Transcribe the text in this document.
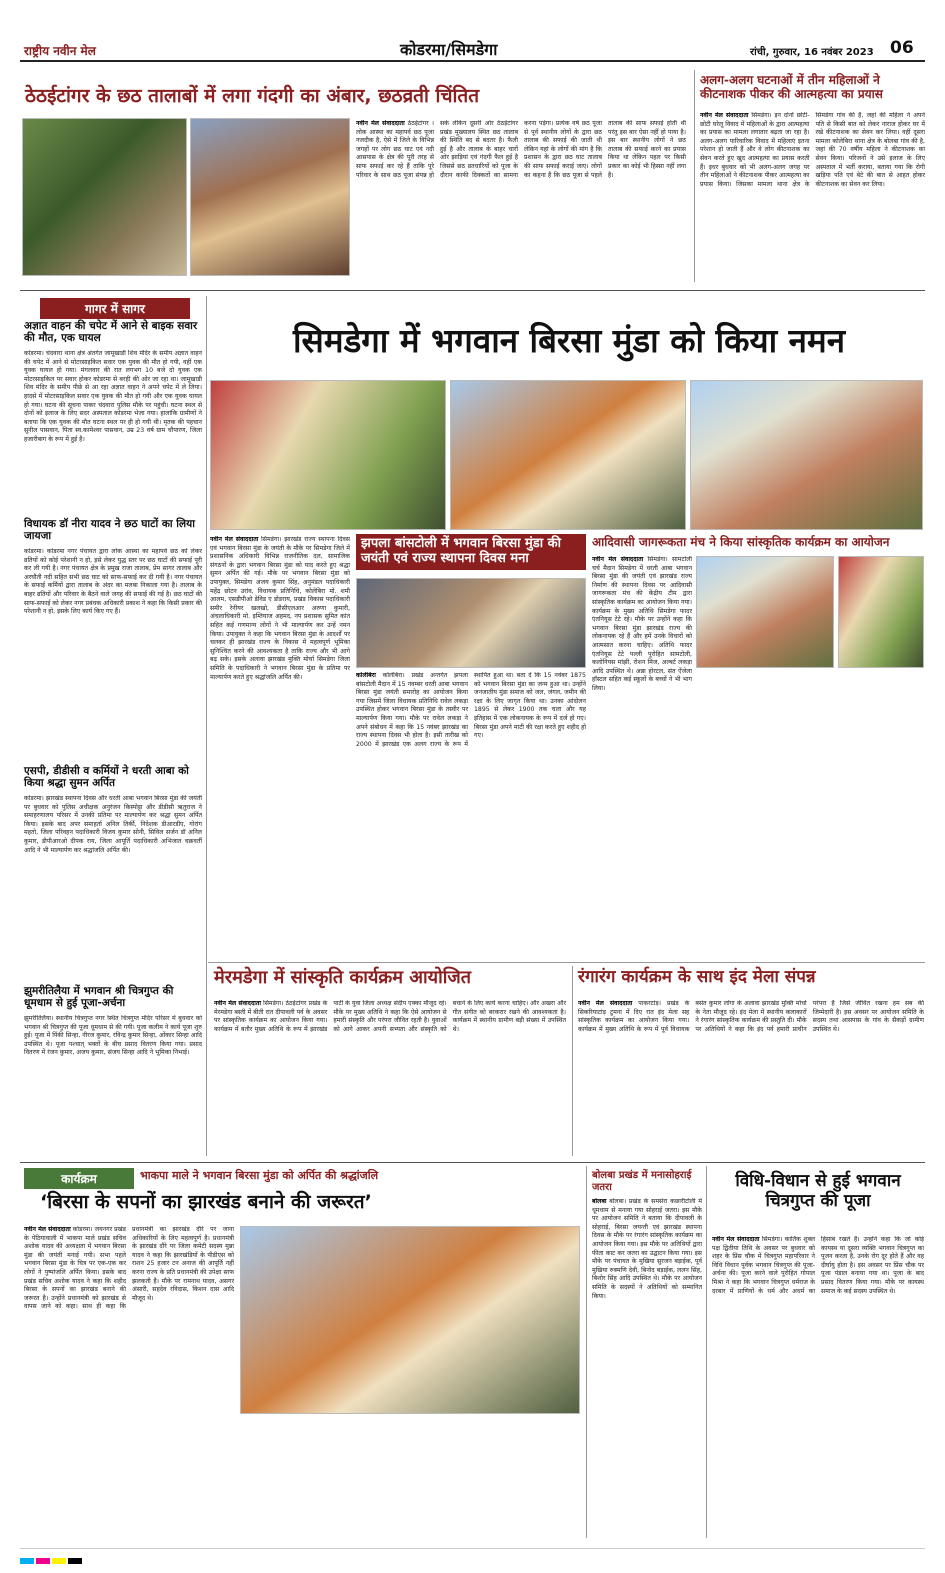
राष्ट्रीय नवीन मेल	कोडरमा/सिमडेगा	रांची, गुरुवार, 16 नवंबर 2023 06
ठेठईटांगर के छठ तालाबों में लगा गंदगी का अंबार, छठव्रती चिंतित
नवीन मेल संवाददाता ठेठईटांगर । लोक आस्था का महापर्व छठ पूजा नजदीक है, ऐसे में जिले के विभिन्न जगहों पर लोग छठ घाट एवं नदी आसपास के क्षेत्र की पूरी तरह से साफ सफाई कर रहे हैं ताकि पूरे परिवार के साथ छठ पूजा संपन्न हो सके लेकिन दूसरी ओर ठेठईटांगर प्रखंड मुख्यालय स्थित छठ तालाब की स्थिति बद से बदतर है। फैली हुई है और तालाब के बाहर चारों ओर झाड़ियां एवं गंदगी फैल हुई है जिससे छठ व्रतधारियों को पूजा के दौरान काफी दिक्कतों का सामना करना पड़ेगा। प्रत्येक वर्ष छठ पूजा से पूर्व स्थानीय लोगों के द्वारा छठ तालाब की सफाई की जाती थी लेकिन यहां के लोगों की मांग है कि प्रशासन के द्वारा छठ घाट तालाब की साफ सफाई कराई जाए। लोगों का कहना है कि छठ पूजा से पहले तालाब की साफ सफाई होती थी परंतु इस बार ऐसा नहीं हो पाया है। इस बार स्थानीय लोगों ने छठ तालाब की सफाई करने का प्रयास किया था लेकिन पहल पर किसी प्रकार का कोई भी हिस्सा नहीं लगा है।
अलग-अलग घटनाओं में तीन महिलाओं ने कीटनाशक पीकर की आत्महत्या का प्रयास
नवीन मेल संवाददाता सिमडेगा। इन दोनों छोटी-छोटी घरेलू विवाद में महिलाओं के द्वारा आत्महत्या का प्रयास का मामला लगातार बढ़ता जा रहा है। अलग-अलग पारिवारिक विवाद में महिलाएं इतना परेशान हो जाती हैं और वे लोग कीटनाशक का सेवन करते हुए खुद आत्महत्या का प्रयास करती हैं। इधर बुधवार को भी अलग-अलग जगह पर तीन महिलाओं ने कीटनाशक पीकर आत्महत्या का प्रयास किया। जिसका मामला थाना क्षेत्र के सिमडेगा गांव की है, जहां की महिला ने अपने पति से किसी बात को लेकर नाराज होकर घर में रखे कीटनाशक का सेवन कर लिया। वहीं दूसरा मामला कोलेबिरा थाना क्षेत्र के बोलबा गांव की है, जहां की 70 वर्षीय महिला ने कीटनाशक का सेवन किया। परिजनों ने उसे इलाज के लिए अस्पताल में भर्ती कराया, बताया गया कि रोगी खड़िया पति एवं बेटे की बात से आहत होकर कीटनाशक का सेवन कर लिया।
गागर में सागर
अज्ञात वाहन की चपेट में आने से बाइक सवार की मौत, एक घायल
कोडरमा। चंदवारा थाना क्षेत्र अंतर्गत जामूखाडी शिव मंदिर के समीप अज्ञात वाहन की चपेट में आने से मोटरसाइकिल सवार एक युवक की मौत हो गयी, वहीं एक युवक घायल हो गया। मंगलवार की रात लगभग 10 बजे दो युवक एक मोटरसाइकिल पर सवार होकर कोडरमा से बरही की ओर जा रहा था। जामूखाडी शिव मंदिर के समीप पीछे से आ रहा अज्ञात वाहन ने अपने चपेट में ले लिया। हादसे में मोटरसाइकिल सवार एक युवक की मौत हो गयी और एक युवक घायल हो गया। घटना की सूचना पाकर चंदवारा पुलिस मौके पर पहुंची। घटना स्थल से दोनों को इलाज के लिए सदर अस्पताल कोडरमा भेजा गया। हालांकि ग्रामीणों ने बताया कि एक युवक की मौत घटना स्थल पर ही हो गयी थी। मृतक की पहचान सुनील पासवान, पिता स्व.कामेश्वर पासवान, उम्र 23 वर्ष ग्राम चौपारण, जिला हजारीबाग के रूप में हुई है।
विधायक डॉ नीरा यादव ने छठ घाटों का लिया जायजा
कोडरमा। कोडरमा नगर पंचायत द्वारा लोक आस्था का महापर्व छठ को लेकर व्रतियों को कोई परेशानी न हो, इसे लेकर युद्ध स्तर पर छठ घाटों की सफाई पूरी कर ली गयी है। नगर पंचायत क्षेत्र के प्रमुख राजा तालाब, प्रेम सागर तालाब और अरघौती नदी सहित सभी छठ घाट को साफ-सफाई कर दी गयी है। नगर पंचायत के सफाई कर्मियों द्वारा तालाब के अंदर का मलबा निकाला गया है। तालाब के बाहर व्रतियों और परिवार के बैठने वाले जगह की सफाई की गई है। छठ घाटों की साफ-सफाई को लेकर नगर प्रबंधक अधिकारी प्रकाश ने कहा कि किसी प्रकार की परेशानी न हो, इसके लिए कार्य किए गए हैं।
एसपी, डीडीसी व कर्मियों ने धरती आबा को किया श्रद्धा सुमन अर्पित
कोडरमा। झारखंड स्थापना दिवस और धरती आबा भगवान बिरसा मुंडा की जयंती पर बुधवार को पुलिस अधीक्षक अनुरंजन किस्पोट्टा और डीडीसी ऋतुराज ने समाहरणालय परिसर में उनकी प्रतिमा पर माल्यार्पण कर श्रद्धा सुमन अर्पित किया। इसके बाद अपर समाहर्ता अनिल तिर्की, निदेशक डीआरडीए, गोरांग महतो, जिला परिवहन पदाधिकारी विजय कुमार सोनी, सिविल सर्जन डॉ अनिल कुमार, डीपीआरओ दीपक राय, जिला आपूर्ति पदाधिकारी अभिजात चक्रवर्ती आदि ने भी माल्यार्पण कर श्रद्धांजलि अर्पित की।
झुमरीतिलैया में भगवान श्री चित्रगुप्त की धूमधाम से हुई पूजा-अर्चना
झुमरीतिलैया। स्थानीय चित्रगुप्त नगर स्थित चित्रगुप्त मंदिर परिसर में बुधवार को भगवान श्री चित्रगुप्त की पूजा धूमधाम से की गयी। पूजा कलीम ने कार्य पूजा शुरु हुई। पूजा में पिंकी सिन्हा, नीरज कुमार, रविन्द्र कुमार सिन्हा, ओंकार सिन्हा आदि उपस्थित थे। पूजा पश्चात् भक्तों के बीच प्रसाद वितरण किया गया। प्रसाद वितरण में रंजन कुमार, अजय कुमार, संजय सिन्हा आदि ने भूमिका निभाई।
सिमडेगा में भगवान बिरसा मुंडा को किया नमन
नवीन मेल संवाददाता सिमडेगा। झारखंड राज्य स्थापना दिवस एवं भगवान बिरसा मुंडा के जयंती के मौके पर सिमडेगा जिले में प्रशासनिक अधिकारी विभिन्न राजनीतिक दल, सामाजिक संगठनों के द्वारा भगवान बिरसा मुंडा को याद करते हुए श्रद्धा सुमन अर्पित की गई। मौके पर भगवान बिरसा मुंडा को उपायुक्त, सिमडेगा अजय कुमार सिंह, अनुमंडल पदाधिकारी महेंद्र छोटन उरांव, विधायक प्रतिनिधि, कोलेबिरा मो. शमी आलम, एसडीपीओ डेविड ए डोडराय, प्रखंड विकास पदाधिकारी समीर रेनीयर खलखो, डीसीएलआर अरुणा कुमारी, अंचलाधिकारी मो. इम्तियाज अहमद, नप प्रशासक सुमित कांत सहित कई गणमान्य लोगों ने भी माल्यार्पण कर उन्हें नमन किया। उपायुक्त ने कहा कि भगवान बिरसा मुंडा के आदर्शों पर चलकर ही झारखंड राज्य के विकास में महत्वपूर्ण भूमिका सुनिश्चित करने की आवश्यकता है ताकि राज्य और भी आगे बढ़ सके। इसके अलावा झारखंड मुक्ति मोर्चा सिमडेगा जिला समिति के पदाधिकारी ने भगवान बिरसा मुंडा के प्रतिमा पर माल्यार्पण करते हुए श्रद्धांजलि अर्पित की।
झपला बांसटोली में भगवान बिरसा मुंडा की जयंती एवं राज्य स्थापना दिवस मना
कोलेबिरा कोलेबिरा। प्रखंड अन्तर्गत झपला बांसटोली मैदान में 15 नवम्बर धरती आबा भगवान बिरसा मुंडा जयंती समारोह का आयोजन किया गया जिसमें जिला विधायक प्रतिनिधि रावेल लकड़ा उपस्थित होकर भगवान बिरसा मुंडा के तस्वीर पर माल्यार्पण किया गया। मौके पर रावेल लकड़ा ने अपने संबोधन में कहा कि 15 नवंबर झारखंड का राज्य स्थापना दिवस भी होता है। इसी तारीख को 2000 में झारखंड एक अलग राज्य के रूप में स्थापित हुआ था। बता दें कि 15 नवंबर 1875 को भगवान बिरसा मुंडा का जन्म हुआ था। उन्होंने जनजातीय मुंडा समाज को जल, जंगल, जमीन की रक्षा के लिए जागृत किया था। उनका आंदोलन 1895 से लेकर 1900 तक चला और यह इतिहास में एक लोकनायक के रूप में दर्ज हो गए। बिरसा मुंडा अपने माटी की रक्षा करते हुए शहीद हो गए।
आदिवासी जागरूकता मंच ने किया सांस्कृतिक कार्यक्रम का आयोजन
नवीन मेल संवाददाता सिमडेगा। सामटोली चर्च मैदान सिमडेगा में धरती आबा भगवान बिरसा मुंडा की जयंती एवं झारखंड राज्य निर्माण की स्थापना दिवस पर आदिवासी जागरूकता मंच की केंद्रीय टीम द्वारा सांस्कृतिक कार्यक्रम का आयोजन किया गया। कार्यक्रम के मुख्य अतिथि सिमडेगा फादर एंतनियूस टेटे रहे। मौके पर उन्होंने कहा कि भगवान बिरसा मुंडा झारखंड राज्य की लोकनायक रहे हैं और हमें उनके विचारों को आत्मसात करना चाहिए। अतिथि फादर एंतनियूस टेटे पल्ली पुरोहित सामटोली, कलोनियस मांझी, रोशन मिंज, अल्बर्ट लकड़ा आदि उपस्थित थे। अन्ना होरटल, संत ऐंजेला हॉस्टल सहित कई स्कूलों के बच्चों ने भी भाग लिया।
मेरमडेगा में सांस्कृति कार्यक्रम आयोजित
नवीन मेल संवाददाता सिमडेगा। ठेठईटांगर प्रखंड के मेरमडेगा बस्ती में बीती रात दीपावली पर्व के अवसर पर सांस्कृतिक कार्यक्रम का आयोजन किया गया। कार्यक्रम में बतौर मुख्य अतिथि के रूप में झारखंड पार्टी के युवा जिला अध्यक्ष संदीप एक्का मौजूद रहे। मौके पर मुख्य अतिथि ने कहा कि ऐसे आयोजन से हमारी संस्कृति और परंपरा जीवित रहती है। युवाओं को आगे आकर अपनी सभ्यता और संस्कृति को बचाने के लिए कार्य करना चाहिए। और अखरा और गीत संगीत को बरकरार रखने की आवश्यकता है। कार्यक्रम में स्थानीय ग्रामीण बड़ी संख्या में उपस्थित थे।
रंगारंग कार्यक्रम के साथ इंद मेला संपन्न
नवीन मेल संवाददाता पाकरटांड़। प्रखंड के सिकरियाटांड़ टुमना में दिए रात इंद मेला सह सांस्कृतिक कार्यक्रम का आयोजन किया गया। कार्यक्रम में मुख्य अतिथि के रूप में पूर्व विधायक बसंत कुमार लोंगा के अलावा झारखंड मुक्ति मोर्चा के नेता मौजूद रहे। इंद मेला में स्थानीय कलाकारों ने रंगारंग सांस्कृतिक कार्यक्रम की प्रस्तुति दी। मौके पर अतिथियों ने कहा कि इंद पर्व हमारी प्राचीन परंपरा है जिसे जीवित रखना हम सब की जिम्मेदारी है। इस अवसर पर आयोजन समिति के सदस्य तथा आसपास के गांव के सैकड़ों ग्रामीण उपस्थित थे।
कार्यक्रम	भाकपा माले ने भगवान बिरसा मुंडा को अर्पित की श्रद्धांजलि
‘बिरसा के सपनों का झारखंड बनाने की जरूरत’
नवीन मेल संवाददाता कोडरमा। जयनगर प्रखंड के पेठियावाली में भाकपा माले प्रखंड सचिव अशोक यादव की अध्यक्षता में भगवान बिरसा मुंडा की जयंती मनाई गयी। सभा पहले भगवान बिरसा मुंडा के चित्र पर एक-एक कर लोगों ने पुष्पांजलि अर्पित किया। इसके बाद प्रखंड सचिव अशोक यादव ने कहा कि शहीद बिरसा के सपनों का झारखंड बनाने की जरूरत है। उन्होंने प्रधानमंत्री को झारखंड से वापस जाने को कहा। साथ ही कहा कि प्रधानमंत्री का झारखंड दौरे पर जाना अधिकारियों के लिए महत्वपूर्ण है। प्रधानमंत्री के झारखंड दौरे पर जिला कमेटी सदस्य मुन्ना यादव ने कहा कि झारखंडियों के पीडीएस को राशन 25 हजार टन अनाज की आपूर्ति नहीं करना राज्य के प्रति प्रधानमंत्री की उपेक्षा साफ झलकती है। मौके पर रामनाथ यादव, असगर अंसारी, सहदेव रविदास, किशन दास आदि मौजूद थे।
बोलबा प्रखंड में मनासोहराई जतरा
बोलबा बोलबा। प्रखंड के समसेरा कछारीटोली में धूमधाम से मनाया गया सोहराई जतरा। इस मौके पर आयोजन समिति ने बताया कि दीपावली के सोहराई, बिरसा जयन्ती एवं झारखंड स्थापना दिवस के मौके पर रंगारंग सांस्कृतिक कार्यक्रम का आयोजन किया गया। इस मौके पर अतिथियों द्वारा फीता काट कर जतरा का उद्घाटन किया गया। इस मौके पर पंचायत के मुखिया सुरजन बड़ाईक, पूर्व मुखिया रुक्मणि देवी, बिनोद बड़ाईक, ललन सिंह, बिशोर सिंह आदि उपस्थित थे। मौके पर आयोजन समिति के सदस्यों ने अतिथियों को सम्मानित किया।
विधि-विधान से हुई भगवान चित्रगुप्त की पूजा
नवीन मेल संवाददाता सिमडेगा। कार्तिक शुक्ल पक्ष द्वितीया तिथि के अवसर पर बुधवार को शहर के प्रिंस चौक में चित्रगुप्त महापरिवार ने विधि विधान पूर्वक भगवान चित्रगुप्त की पूजा-अर्चना की। पूजा करने वाले पुरोहित गोपाल मिश्रा ने कहा कि भगवान चित्रगुप्त धर्मराज के दरबार में प्राणियों के धर्म और अधर्म का हिसाब रखते हैं। उन्होंने कहा कि जो कोई कायस्थ या दूसरा व्यक्ति भगवान चित्रगुप्त का पूजन करता है, उनके रोग दूर होते हैं और वह दीर्घायु होता है। इस अवसर पर प्रिंस चौक पर पूजा पंडाल बनाया गया था। पूजा के बाद प्रसाद वितरण किया गया। मौके पर कायस्थ समाज के कई सदस्य उपस्थित थे।
